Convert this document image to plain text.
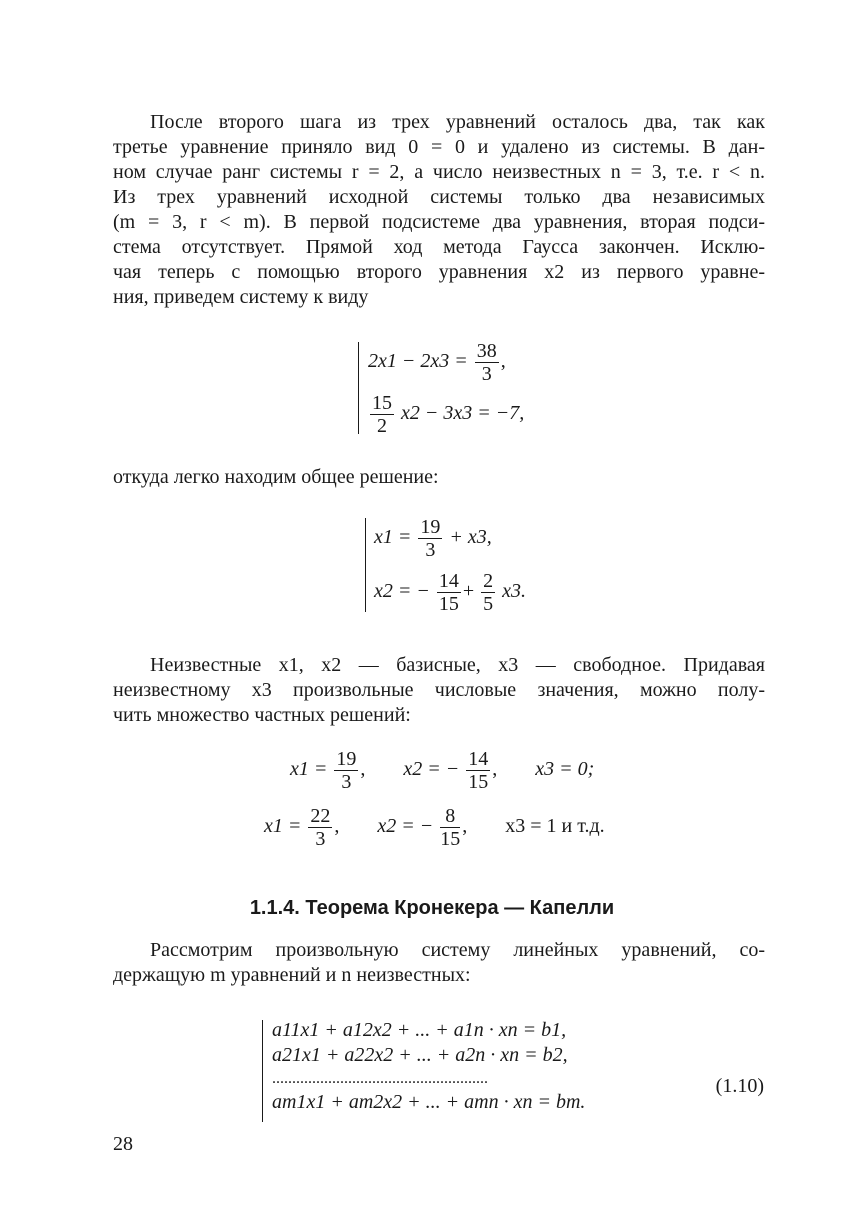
После второго шага из трех уравнений осталось два, так как
третье уравнение приняло вид 0 = 0 и удалено из системы. В дан-
ном случае ранг системы r = 2, а число неизвестных n = 3, т.е. r < n.
Из трех уравнений исходной системы только два независимых
(m = 3, r < m). В первой подсистеме два уравнения, вторая подси-
стема отсутствует. Прямой ход метода Гаусса закончен. Исклю-
чая теперь с помощью второго уравнения x2 из первого уравне-
ния, приведем систему к виду
$2x1 - 2x3 = \frac{38}{3}$ ,
$\frac{15}{2} x2 - 3x3 = -7$,
откуда легко находим общее решение:
$x1 = \frac{19}{3} + x3$,
x2 = − $\frac{14}{15} + \frac{2}{5} x3$.
Неизвестные x1, x2 — базисные, x3 — свободное. Придавая
неизвестному x3 произвольные числовые значения, можно полу-
чить множество частных решений:
$x1 = \frac{19}{3}$ ,  x2 = − $\frac{14}{15}$ ,  x3 = 0;
$x1 = \frac{22}{3}$ ,  x2 = − $\frac{8}{15}$ ,  x3 = 1 и т.д.
1.1.4. Теорема Кронекера — Капелли
Рассмотрим произвольную систему линейных уравнений, со-
держащую m уравнений и n неизвестных:
a11x1 + a12x2 + ... + a1n · xn = b1,
a21x1 + a22x2 + ... + a2n · xn = b2,
......................................................
am1x1 + am2x2 + ... + amn · xn = bm.
(1.10)
28
